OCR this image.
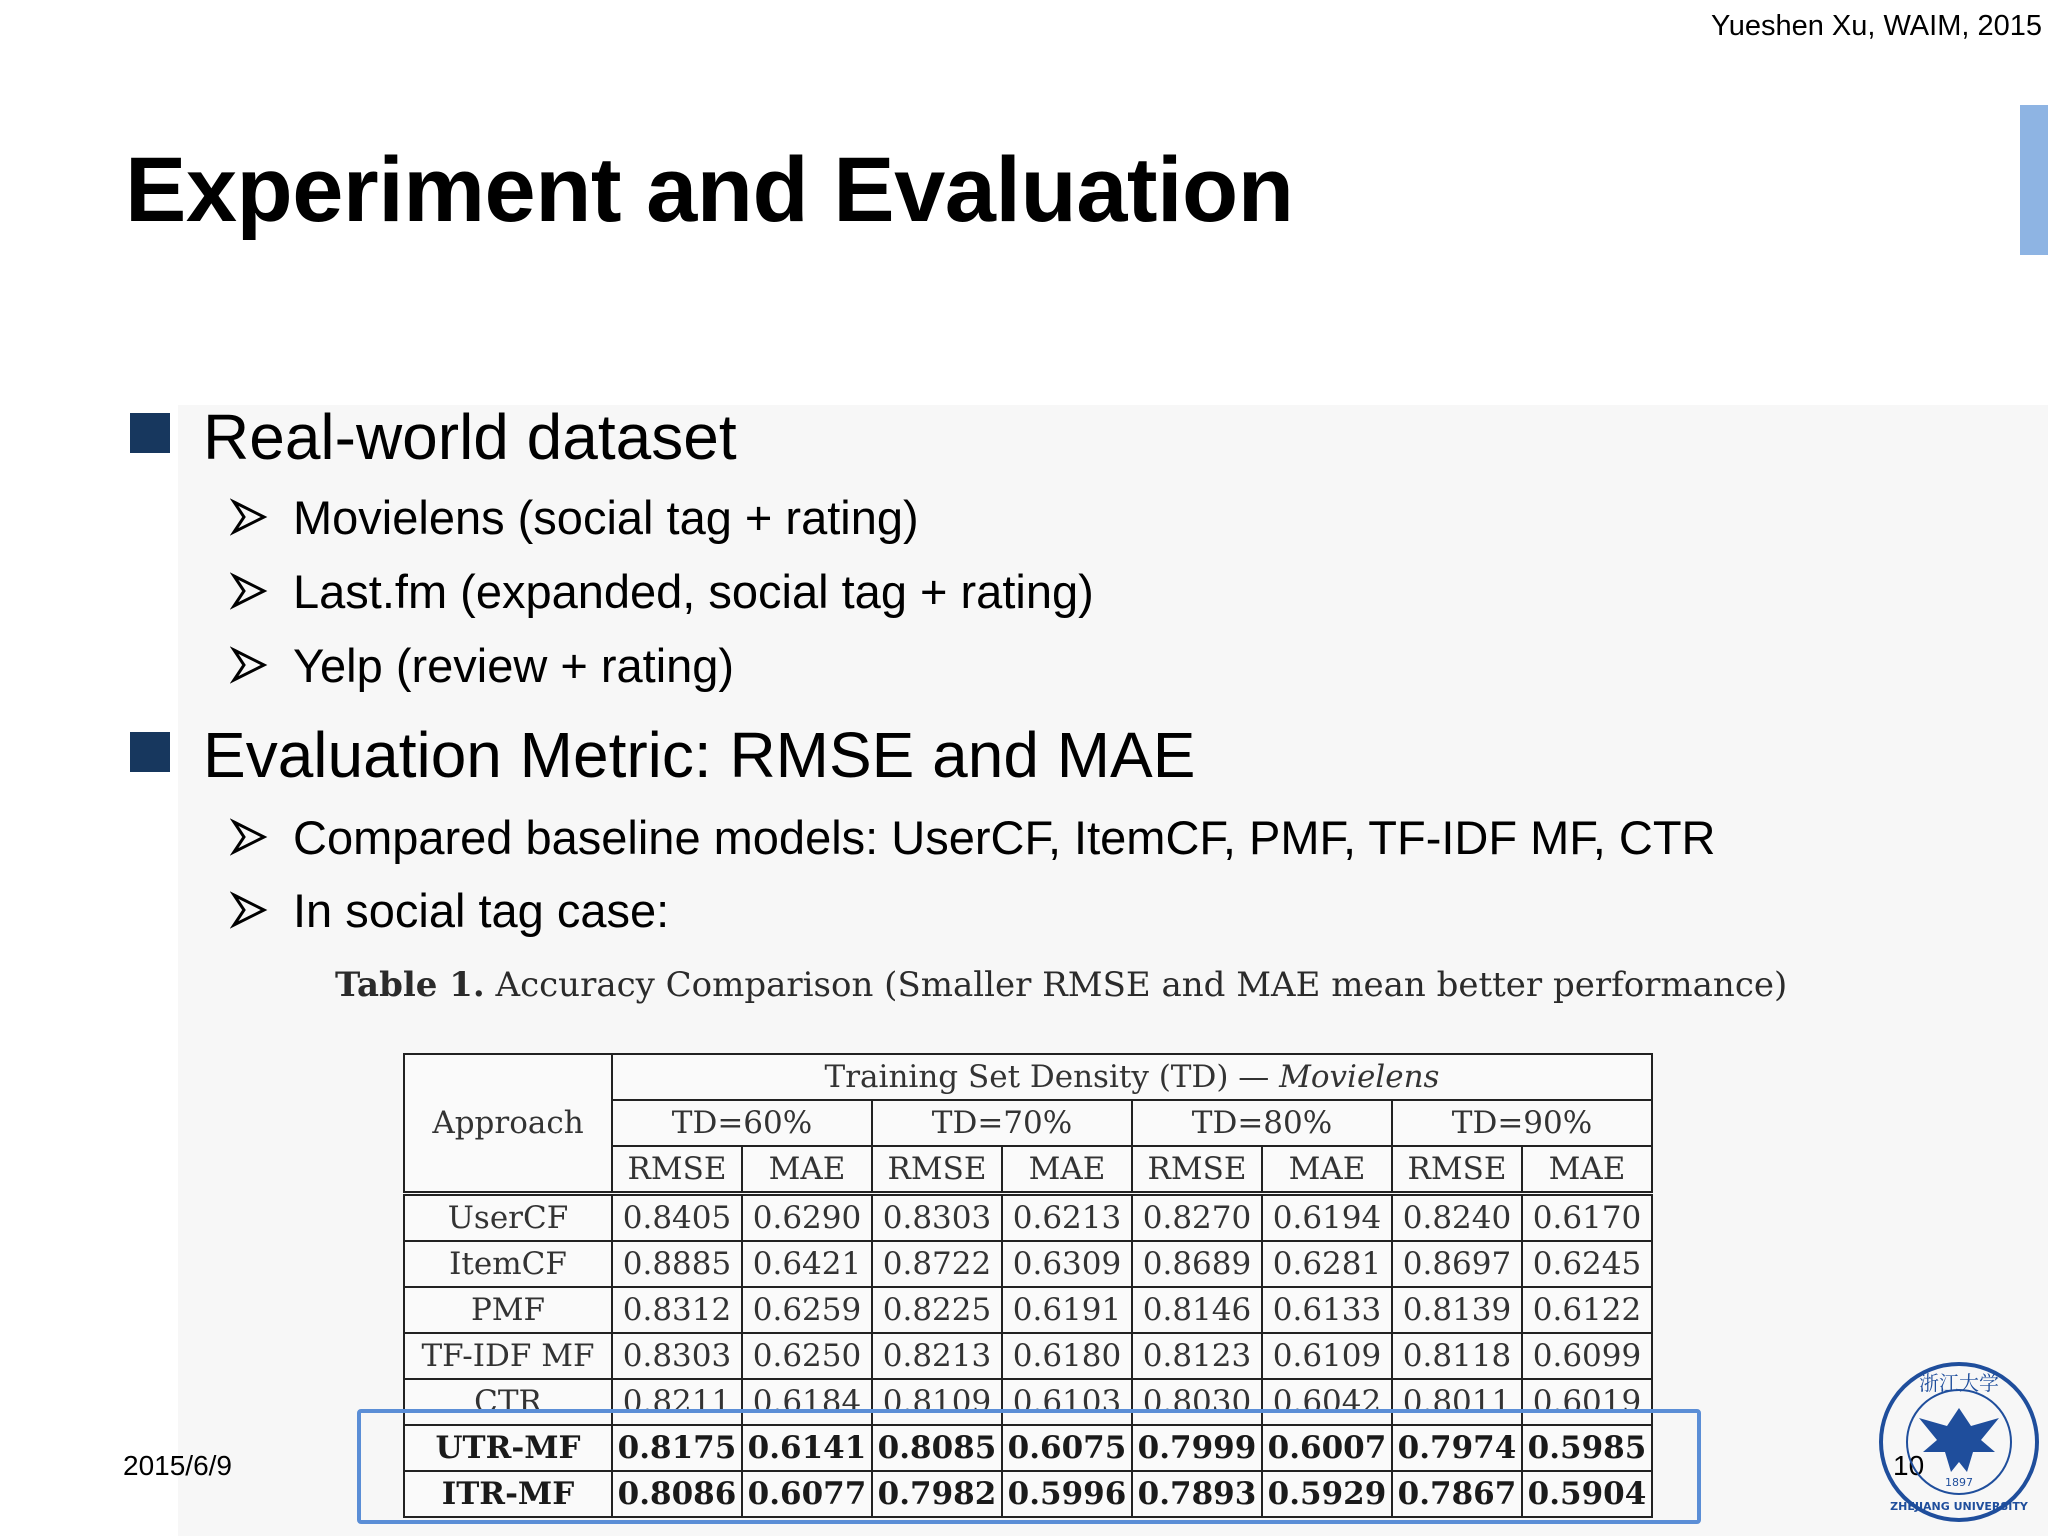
Yueshen Xu, WAIM, 2015
Experiment and Evaluation
Real-world dataset
Movielens (social tag + rating)
Last.fm (expanded, social tag + rating)
Yelp (review + rating)
Evaluation Metric: RMSE and MAE
Compared baseline models: UserCF, ItemCF, PMF, TF-IDF MF, CTR
In social tag case:
Table 1. Accuracy Comparison (Smaller RMSE and MAE mean better performance)
Approach	Training Set Density (TD) — Movielens							
	TD=60%		TD=70%		TD=80%		TD=90%	
	RMSE	MAE	RMSE	MAE	RMSE	MAE	RMSE	MAE
UserCF	0.8405	0.6290	0.8303	0.6213	0.8270	0.6194	0.8240	0.6170
ItemCF	0.8885	0.6421	0.8722	0.6309	0.8689	0.6281	0.8697	0.6245
PMF	0.8312	0.6259	0.8225	0.6191	0.8146	0.6133	0.8139	0.6122
TF-IDF MF	0.8303	0.6250	0.8213	0.6180	0.8123	0.6109	0.8118	0.6099
CTR	0.8211	0.6184	0.8109	0.6103	0.8030	0.6042	0.8011	0.6019
UTR-MF	0.8175	0.6141	0.8085	0.6075	0.7999	0.6007	0.7974	0.5985
ITR-MF	0.8086	0.6077	0.7982	0.5996	0.7893	0.5929	0.7867	0.5904
2015/6/9	10
浙江大学
1897
ZHEJIANG UNIVERSITY
